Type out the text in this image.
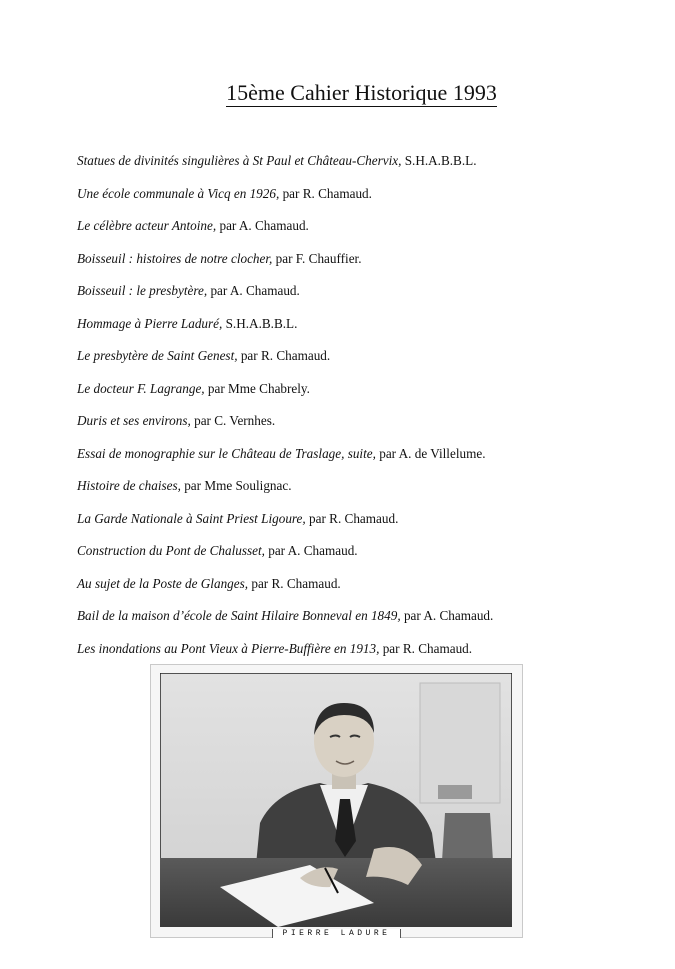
15ème Cahier Historique 1993
Statues de divinités singulières à St Paul et Château-Chervix, S.H.A.B.B.L.
Une école communale à Vicq en 1926, par R. Chamaud.
Le célèbre acteur Antoine, par A. Chamaud.
Boisseuil : histoires de notre clocher, par F. Chauffier.
Boisseuil : le presbytère, par A. Chamaud.
Hommage à Pierre Laduré, S.H.A.B.B.L.
Le presbytère de Saint Genest, par R. Chamaud.
Le docteur F. Lagrange, par Mme Chabrely.
Duris et ses environs, par C. Vernhes.
Essai de monographie sur le Château de Traslage, suite, par A. de Villelume.
Histoire de chaises, par Mme Soulignac.
La Garde Nationale à Saint Priest Ligoure, par R. Chamaud.
Construction du Pont de Chalusset, par A. Chamaud.
Au sujet de la Poste de Glanges, par R. Chamaud.
Bail de la maison d’école de Saint Hilaire Bonneval en 1849, par A. Chamaud.
Les inondations au Pont Vieux à Pierre-Buffière en 1913, par R. Chamaud.
PIERRE LADURE
